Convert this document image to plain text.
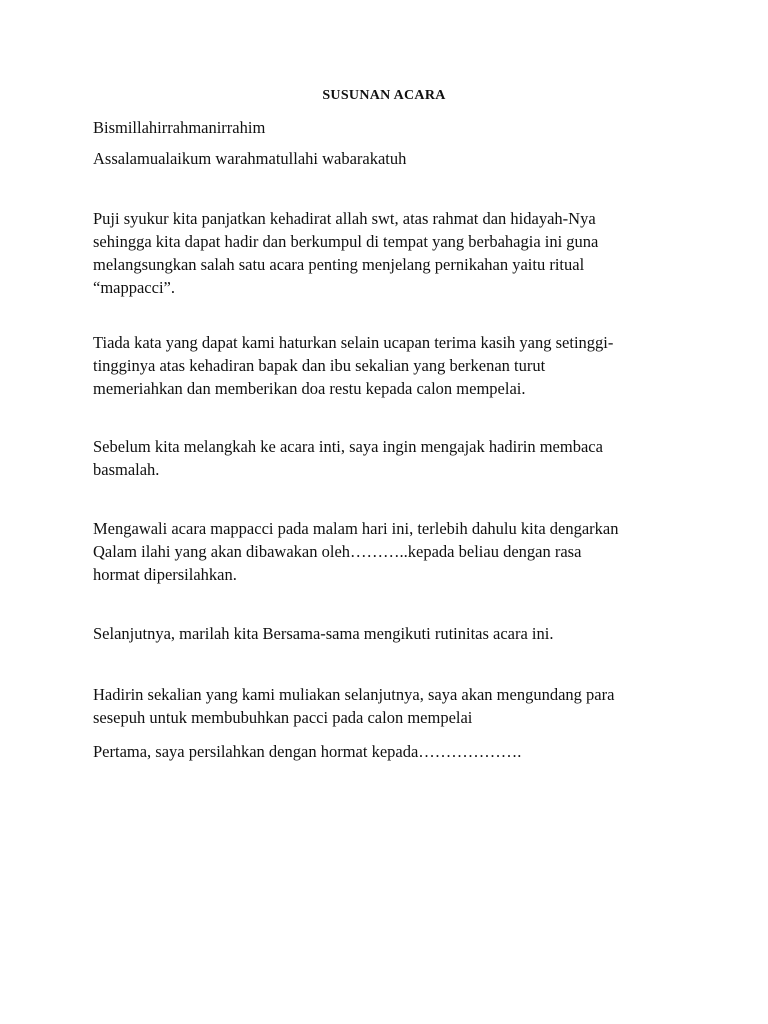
SUSUNAN ACARA

Bismillahirrahmanirrahim

Assalamualaikum warahmatullahi wabarakatuh

Puji syukur kita panjatkan kehadirat allah swt, atas rahmat dan hidayah-Nya
sehingga kita dapat hadir dan berkumpul di tempat yang berbahagia ini guna
melangsungkan salah satu acara penting menjelang pernikahan yaitu ritual
“mappacci”.
Tiada kata yang dapat kami haturkan selain ucapan terima kasih yang setinggi-
tingginya atas kehadiran bapak dan ibu sekalian yang berkenan turut
memeriahkan dan memberikan doa restu kepada calon mempelai.
Sebelum kita melangkah ke acara inti, saya ingin mengajak hadirin membaca
basmalah.
Mengawali acara mappacci pada malam hari ini, terlebih dahulu kita dengarkan
Qalam ilahi yang akan dibawakan oleh………..kepada beliau dengan rasa
hormat dipersilahkan.
Selanjutnya, marilah kita Bersama-sama mengikuti rutinitas acara ini.
Hadirin sekalian yang kami muliakan selanjutnya, saya akan mengundang para
sesepuh untuk membubuhkan pacci pada calon mempelai
Pertama, saya persilahkan dengan hormat kepada……………….
